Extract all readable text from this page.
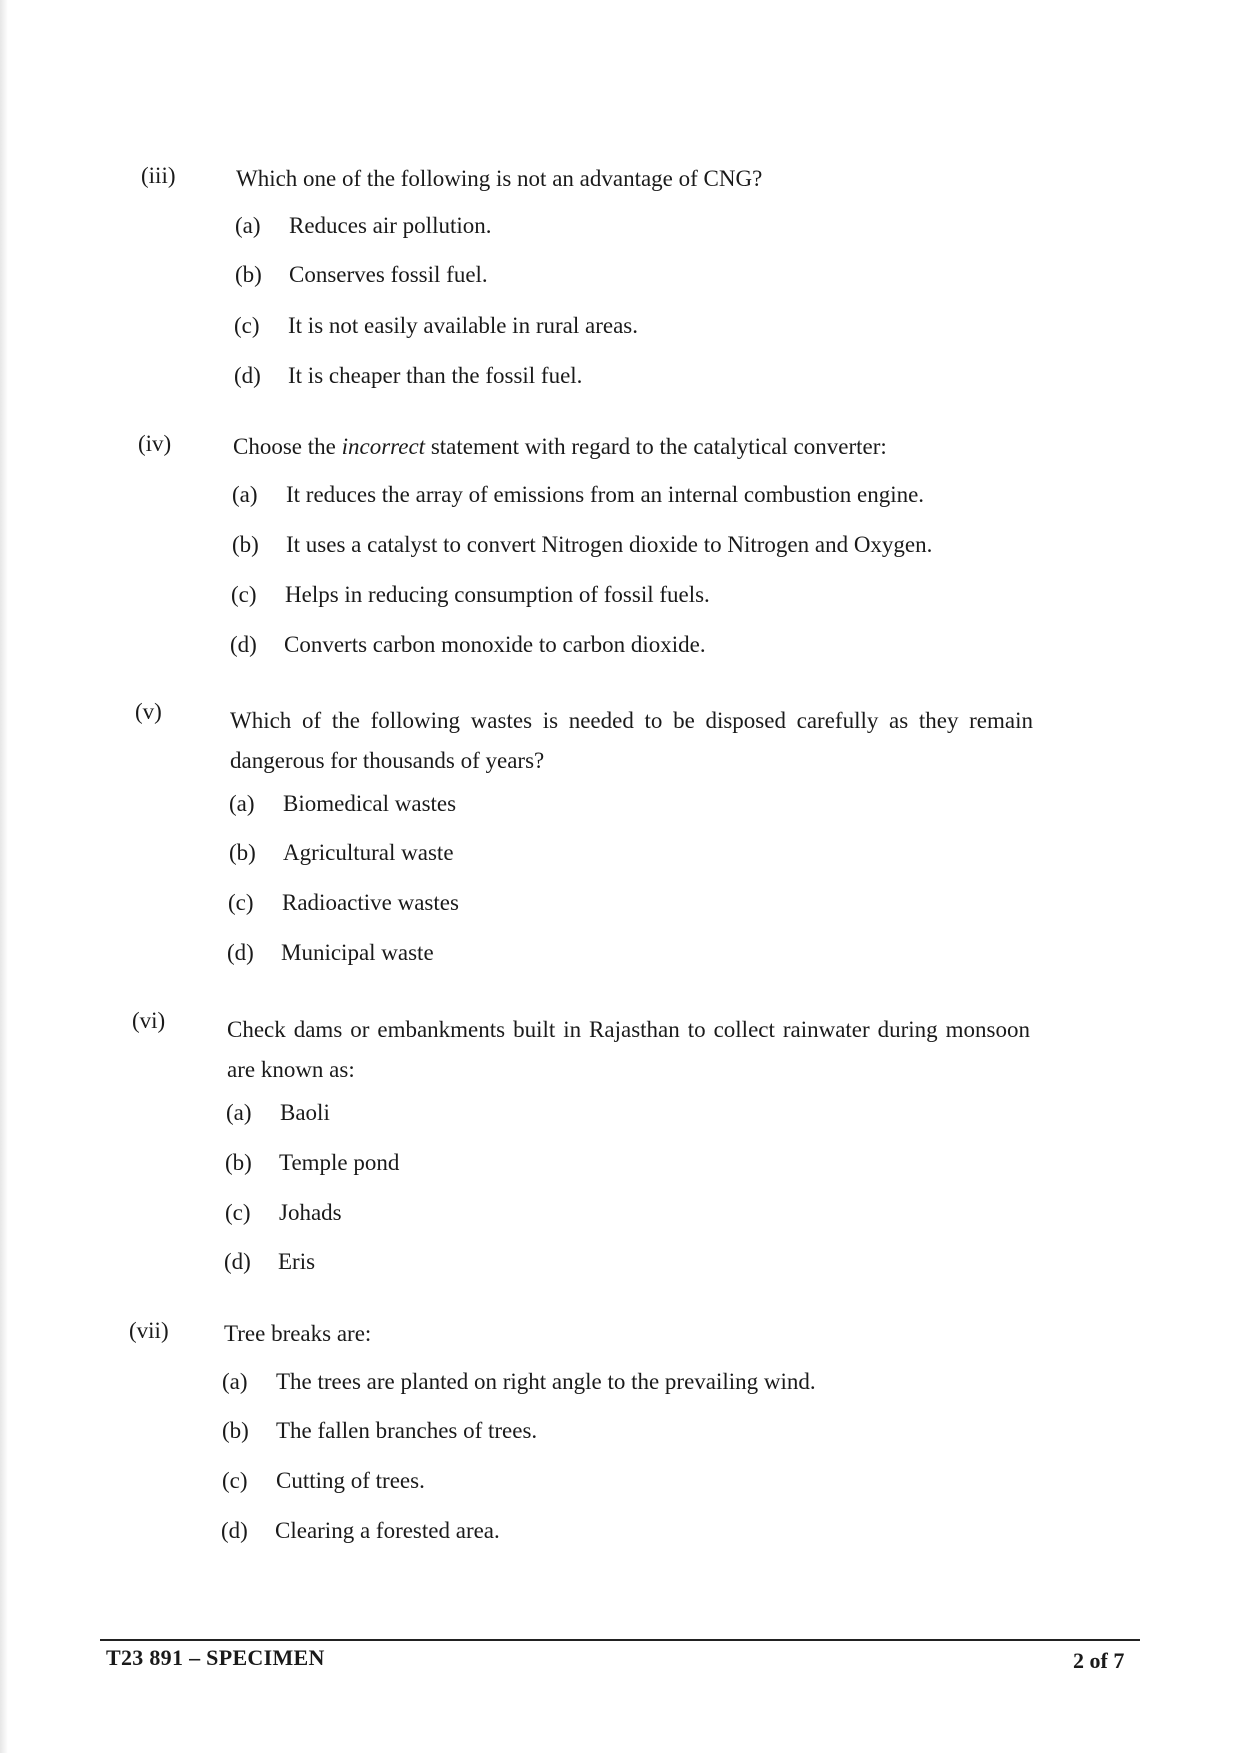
(iii)	Which one of the following is not an advantage of CNG?
(a) Reduces air pollution.
(b) Conserves fossil fuel.
(c) It is not easily available in rural areas.
(d) It is cheaper than the fossil fuel.
(iv)	Choose the incorrect statement with regard to the catalytical converter:
(a) It reduces the array of emissions from an internal combustion engine.
(b) It uses a catalyst to convert Nitrogen dioxide to Nitrogen and Oxygen.
(c) Helps in reducing consumption of fossil fuels.
(d) Converts carbon monoxide to carbon dioxide.
(v)	Which of the following wastes is needed to be disposed carefully as they remain dangerous for thousands of years?
(a) Biomedical wastes
(b) Agricultural waste
(c) Radioactive wastes
(d) Municipal waste
(vi)	Check dams or embankments built in Rajasthan to collect rainwater during monsoon are known as:
(a) Baoli
(b) Temple pond
(c) Johads
(d) Eris
(vii) Tree breaks are:
(a) The trees are planted on right angle to the prevailing wind.
(b) The fallen branches of trees.
(c) Cutting of trees.
(d) Clearing a forested area.
T23 891 – SPECIMEN	2 of 7
